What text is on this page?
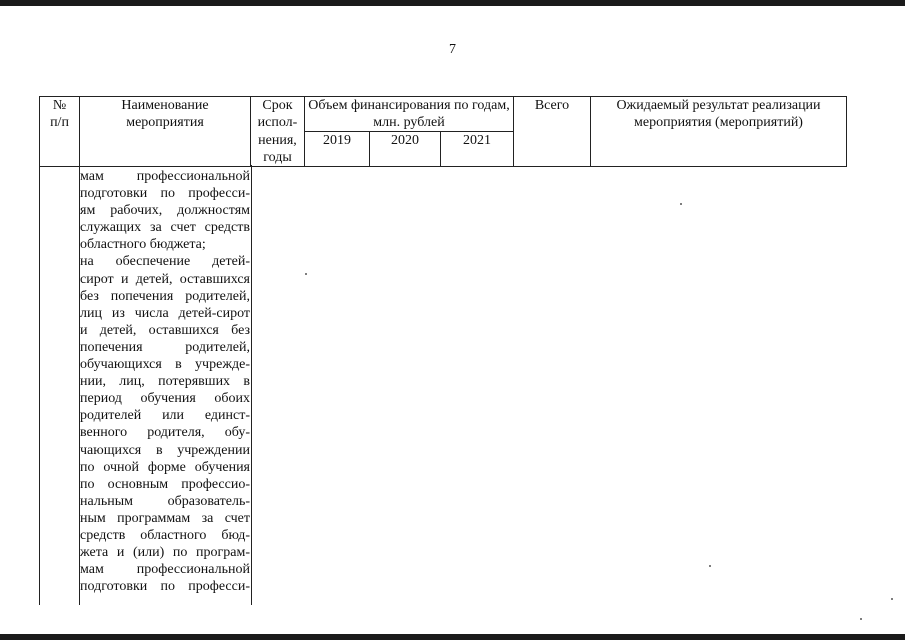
7
№ п/п	Наименование мероприятия	Срок испол-	Объем финансирования по годам, млн. рублей			Всего	Ожидаемый результат реализации мероприятия (мероприятий)

		нения, годы	2019	2020	2021		
мам профессиональной
подготовки по професси-
ям рабочих, должностям
служащих за счет средств
областного бюджета;
на обеспечение детей-
сирот и детей, оставшихся
без попечения родителей,
лиц из числа детей-сирот
и детей, оставшихся без
попечения родителей,
обучающихся в учрежде-
нии, лиц, потерявших в
период обучения обоих
родителей или единст-
венного родителя, обу-
чающихся в учреждении
по очной форме обучения
по основным профессио-
нальным образователь-
ным программам за счет
средств областного бюд-
жета и (или) по програм-
мам профессиональной
подготовки по професси-
